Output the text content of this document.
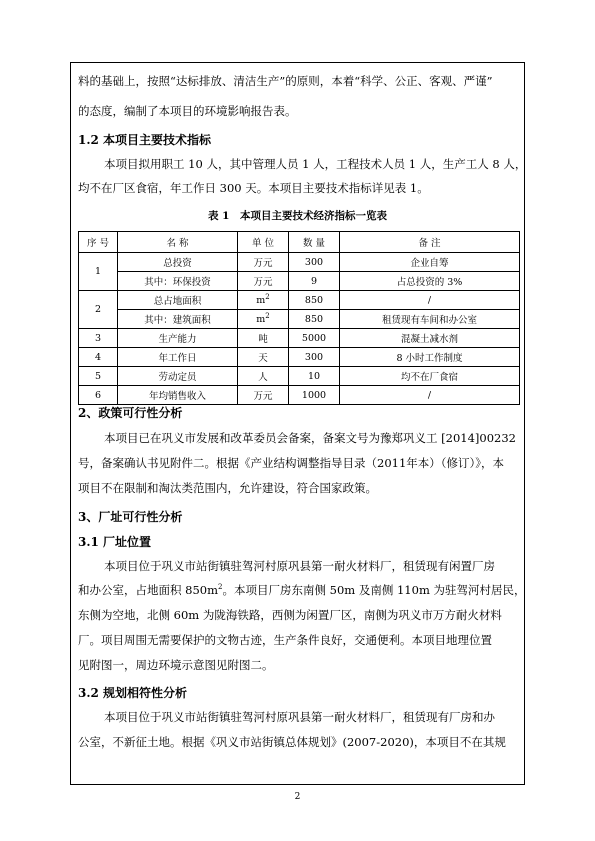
料的基础上，按照“达标排放、清洁生产”的原则，本着“科学、公正、客观、严谨”
的态度，编制了本项目的环境影响报告表。
1.2 本项目主要技术指标
本项目拟用职工 10 人，其中管理人员 1 人，工程技术人员 1 人，生产工人 8 人，
均不在厂区食宿，年工作日 300 天。本项目主要技术指标详见表 1。
表 1　本项目主要技术经济指标一览表
序 号	名 称	单 位	数 量	备 注
1	总投资	万元	300	企业自筹
	其中：环保投资	万元	9	占总投资的 3%
2	总占地面积	$m^2$	850	/
	其中：建筑面积	$m^2$	850	租赁现有车间和办公室
3	生产能力	吨	5000	混凝土减水剂
4	年工作日	天	300	8 小时工作制度
5	劳动定员	人	10	均不在厂食宿
6	年均销售收入	万元	1000	/
2、政策可行性分析
本项目已在巩义市发展和改革委员会备案，备案文号为豫郑巩义工 [2014]00232
号，备案确认书见附件二。根据《产业结构调整指导目录（2011年本）（修订）》，本
项目不在限制和淘汰类范围内，允许建设，符合国家政策。
3、厂址可行性分析
3.1 厂址位置
本项目位于巩义市站街镇驻驾河村原巩县第一耐火材料厂，租赁现有闲置厂房
和办公室，占地面积 $850m^2$。本项目厂房东南侧 50m 及南侧 110m 为驻驾河村居民，
东侧为空地，北侧 60m 为陇海铁路，西侧为闲置厂区，南侧为巩义市万方耐火材料
厂。项目周围无需要保护的文物古迹，生产条件良好，交通便利。本项目地理位置
见附图一，周边环境示意图见附图二。
3.2 规划相符性分析
本项目位于巩义市站街镇驻驾河村原巩县第一耐火材料厂，租赁现有厂房和办
公室，不新征土地。根据《巩义市站街镇总体规划》(2007-2020)，本项目不在其规
2
